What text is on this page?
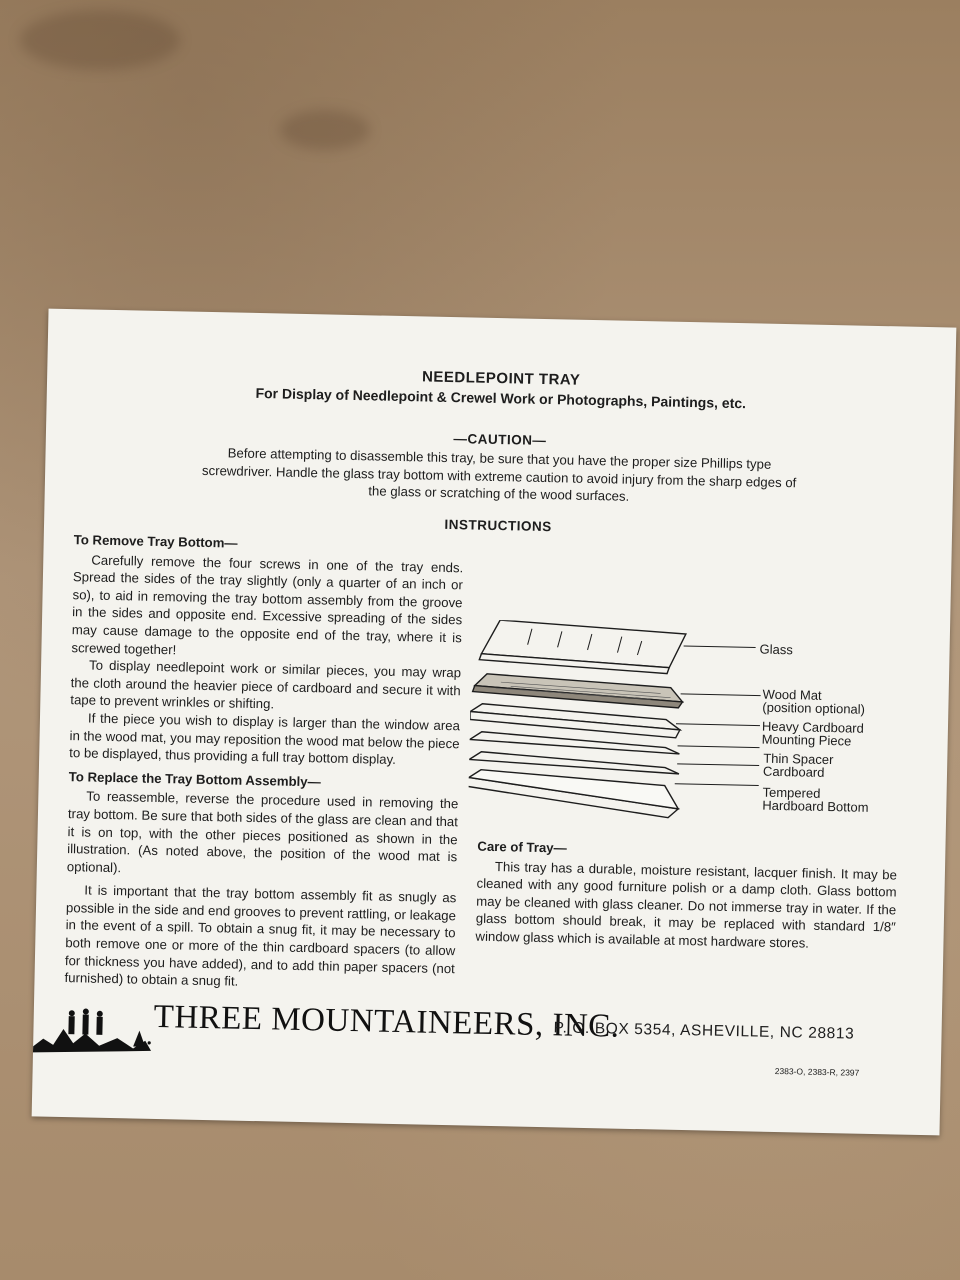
NEEDLEPOINT TRAY
For Display of Needlepoint & Crewel Work or Photographs, Paintings, etc.
—CAUTION—
Before attempting to disassemble this tray, be sure that you have the proper size Phillips type screwdriver. Handle the glass tray bottom with extreme caution to avoid injury from the sharp edges of the glass or scratching of the wood surfaces.
INSTRUCTIONS
To Remove Tray Bottom—

Carefully remove the four screws in one of the tray ends. Spread the sides of the tray slightly (only a quarter of an inch or so), to aid in removing the tray bottom assembly from the groove in the sides and opposite end. Excessive spreading of the sides may cause damage to the opposite end of the tray, where it is screwed together!

To display needlepoint work or similar pieces, you may wrap the cloth around the heavier piece of cardboard and secure it with tape to prevent wrinkles or shifting.

If the piece you wish to display is larger than the window area in the wood mat, you may reposition the wood mat below the piece to be displayed, thus providing a full tray bottom display.

To Replace the Tray Bottom Assembly—

To reassemble, reverse the procedure used in removing the tray bottom. Be sure that both sides of the glass are clean and that it is on top, with the other pieces positioned as shown in the illustration. (As noted above, the position of the wood mat is optional).

It is important that the tray bottom assembly fit as snugly as possible in the side and end grooves to prevent rattling, or leakage in the event of a spill. To obtain a snug fit, it may be necessary to both remove one or more of the thin cardboard spacers (to allow for thickness you have added), and to add thin paper spacers (not furnished) to obtain a snug fit.

Glass
Wood Mat
(position optional)
Heavy Cardboard
Mounting Piece
Thin Spacer
Cardboard
Tempered
Hardboard Bottom
Care of Tray—

This tray has a durable, moisture resistant, lacquer finish. It may be cleaned with any good furniture polish or a damp cloth. Glass bottom may be cleaned with glass cleaner. Do not immerse tray in water. If the glass bottom should break, it may be replaced with standard 1/8″ window glass which is available at most hardware stores.

THREE MOUNTAINEERS, INC.
P. O. BOX 5354, ASHEVILLE, NC 28813
2383-O, 2383-R, 2397
